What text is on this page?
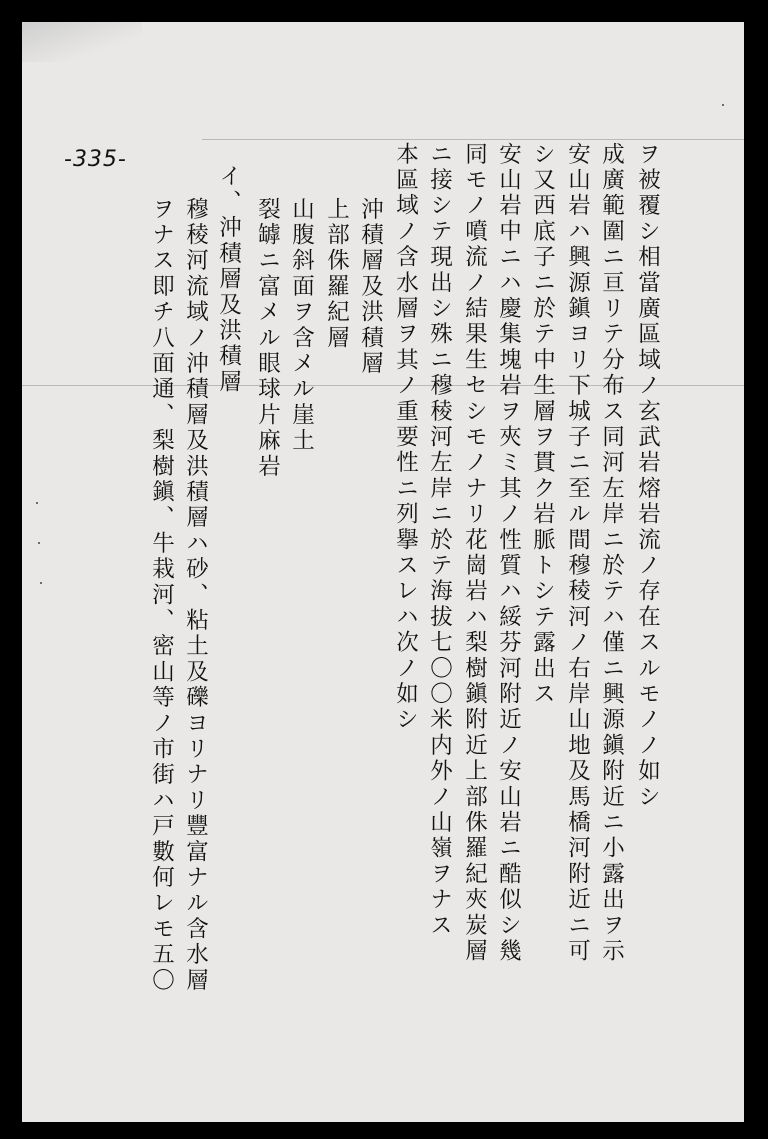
-335-	ヲ被覆シ相當廣區域ノ玄武岩熔岩流ノ存在スルモノノ如シ
成廣範圍ニ亘リテ分布ス同河左岸ニ於テハ僅ニ興源鎭附近ニ小露出ヲ示
安山岩ハ興源鎭ヨリ下城子ニ至ル間穆稜河ノ右岸山地及馬橋河附近ニ可
シ又西底子ニ於テ中生層ヲ貫ク岩脈トシテ露出ス
安山岩中ニハ慶集塊岩ヲ夾ミ其ノ性質ハ綏芬河附近ノ安山岩ニ酷似シ幾
同モノ噴流ノ結果生セシモノナリ花崗岩ハ梨樹鎭附近上部侏羅紀夾炭層
ニ接シテ現出シ殊ニ穆稜河左岸ニ於テ海拔七〇〇米内外ノ山嶺ヲナス
本區域ノ含水層ヲ其ノ重要性ニ列擧スレハ次ノ如シ
沖積層及洪積層
上部侏羅紀層
山腹斜面ヲ含メル崖土
裂罅ニ富メル眼球片麻岩
イ、沖積層及洪積層
穆稜河流域ノ沖積層及洪積層ハ砂、粘土及礫ヨリナリ豐富ナル含水層
ヲナス即チ八面通、梨樹鎭、牛栽河、密山等ノ市街ハ戸數何レモ五〇
